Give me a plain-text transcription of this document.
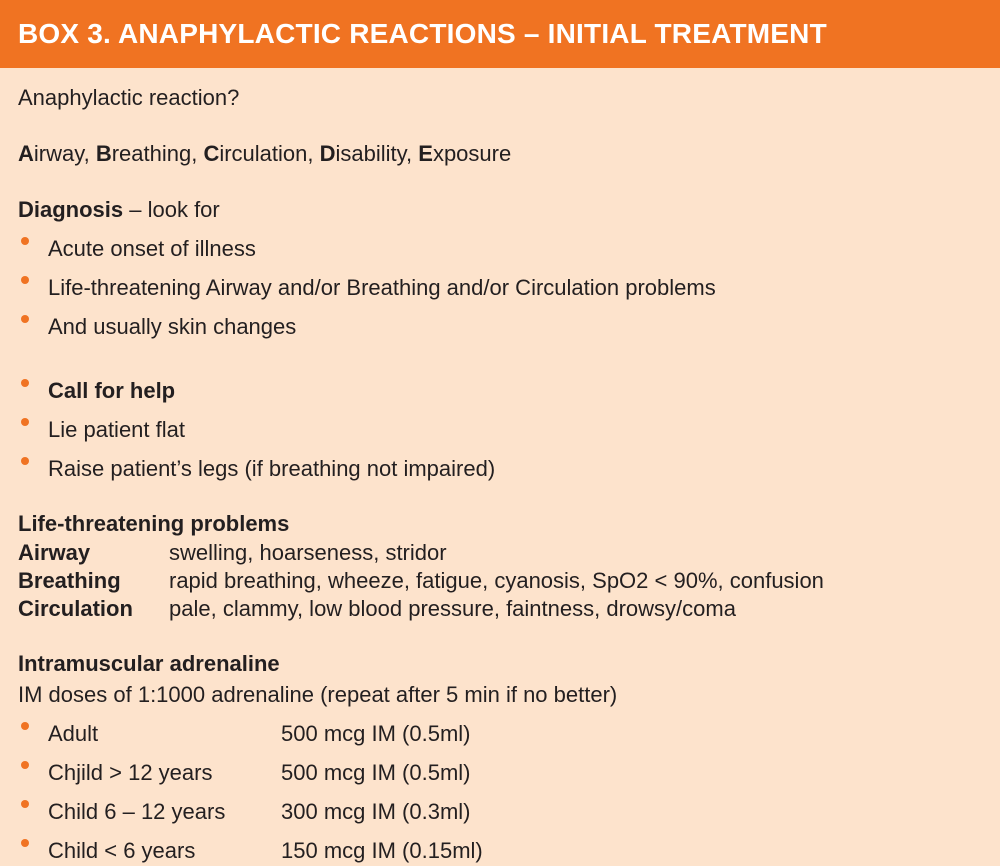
BOX 3. ANAPHYLACTIC REACTIONS – INITIAL TREATMENT
Anaphylactic reaction?
Airway, Breathing, Circulation, Disability, Exposure
Diagnosis – look for
Acute onset of illness
Life-threatening Airway and/or Breathing and/or Circulation problems
And usually skin changes
Call for help
Lie patient flat
Raise patient’s legs (if breathing not impaired)
Life-threatening problems
Airway	swelling, hoarseness, stridor
Breathing	rapid breathing, wheeze, fatigue, cyanosis, SpO2 < 90%, confusion
Circulation	pale, clammy, low blood pressure, faintness, drowsy/coma
Intramuscular adrenaline
IM doses of 1:1000 adrenaline (repeat after 5 min if no better)
Adult	500 mcg IM (0.5ml)
Chjild > 12 years	500 mcg IM (0.5ml)
Child 6 – 12 years	300 mcg IM (0.3ml)
Child < 6 years	150 mcg IM (0.15ml)
